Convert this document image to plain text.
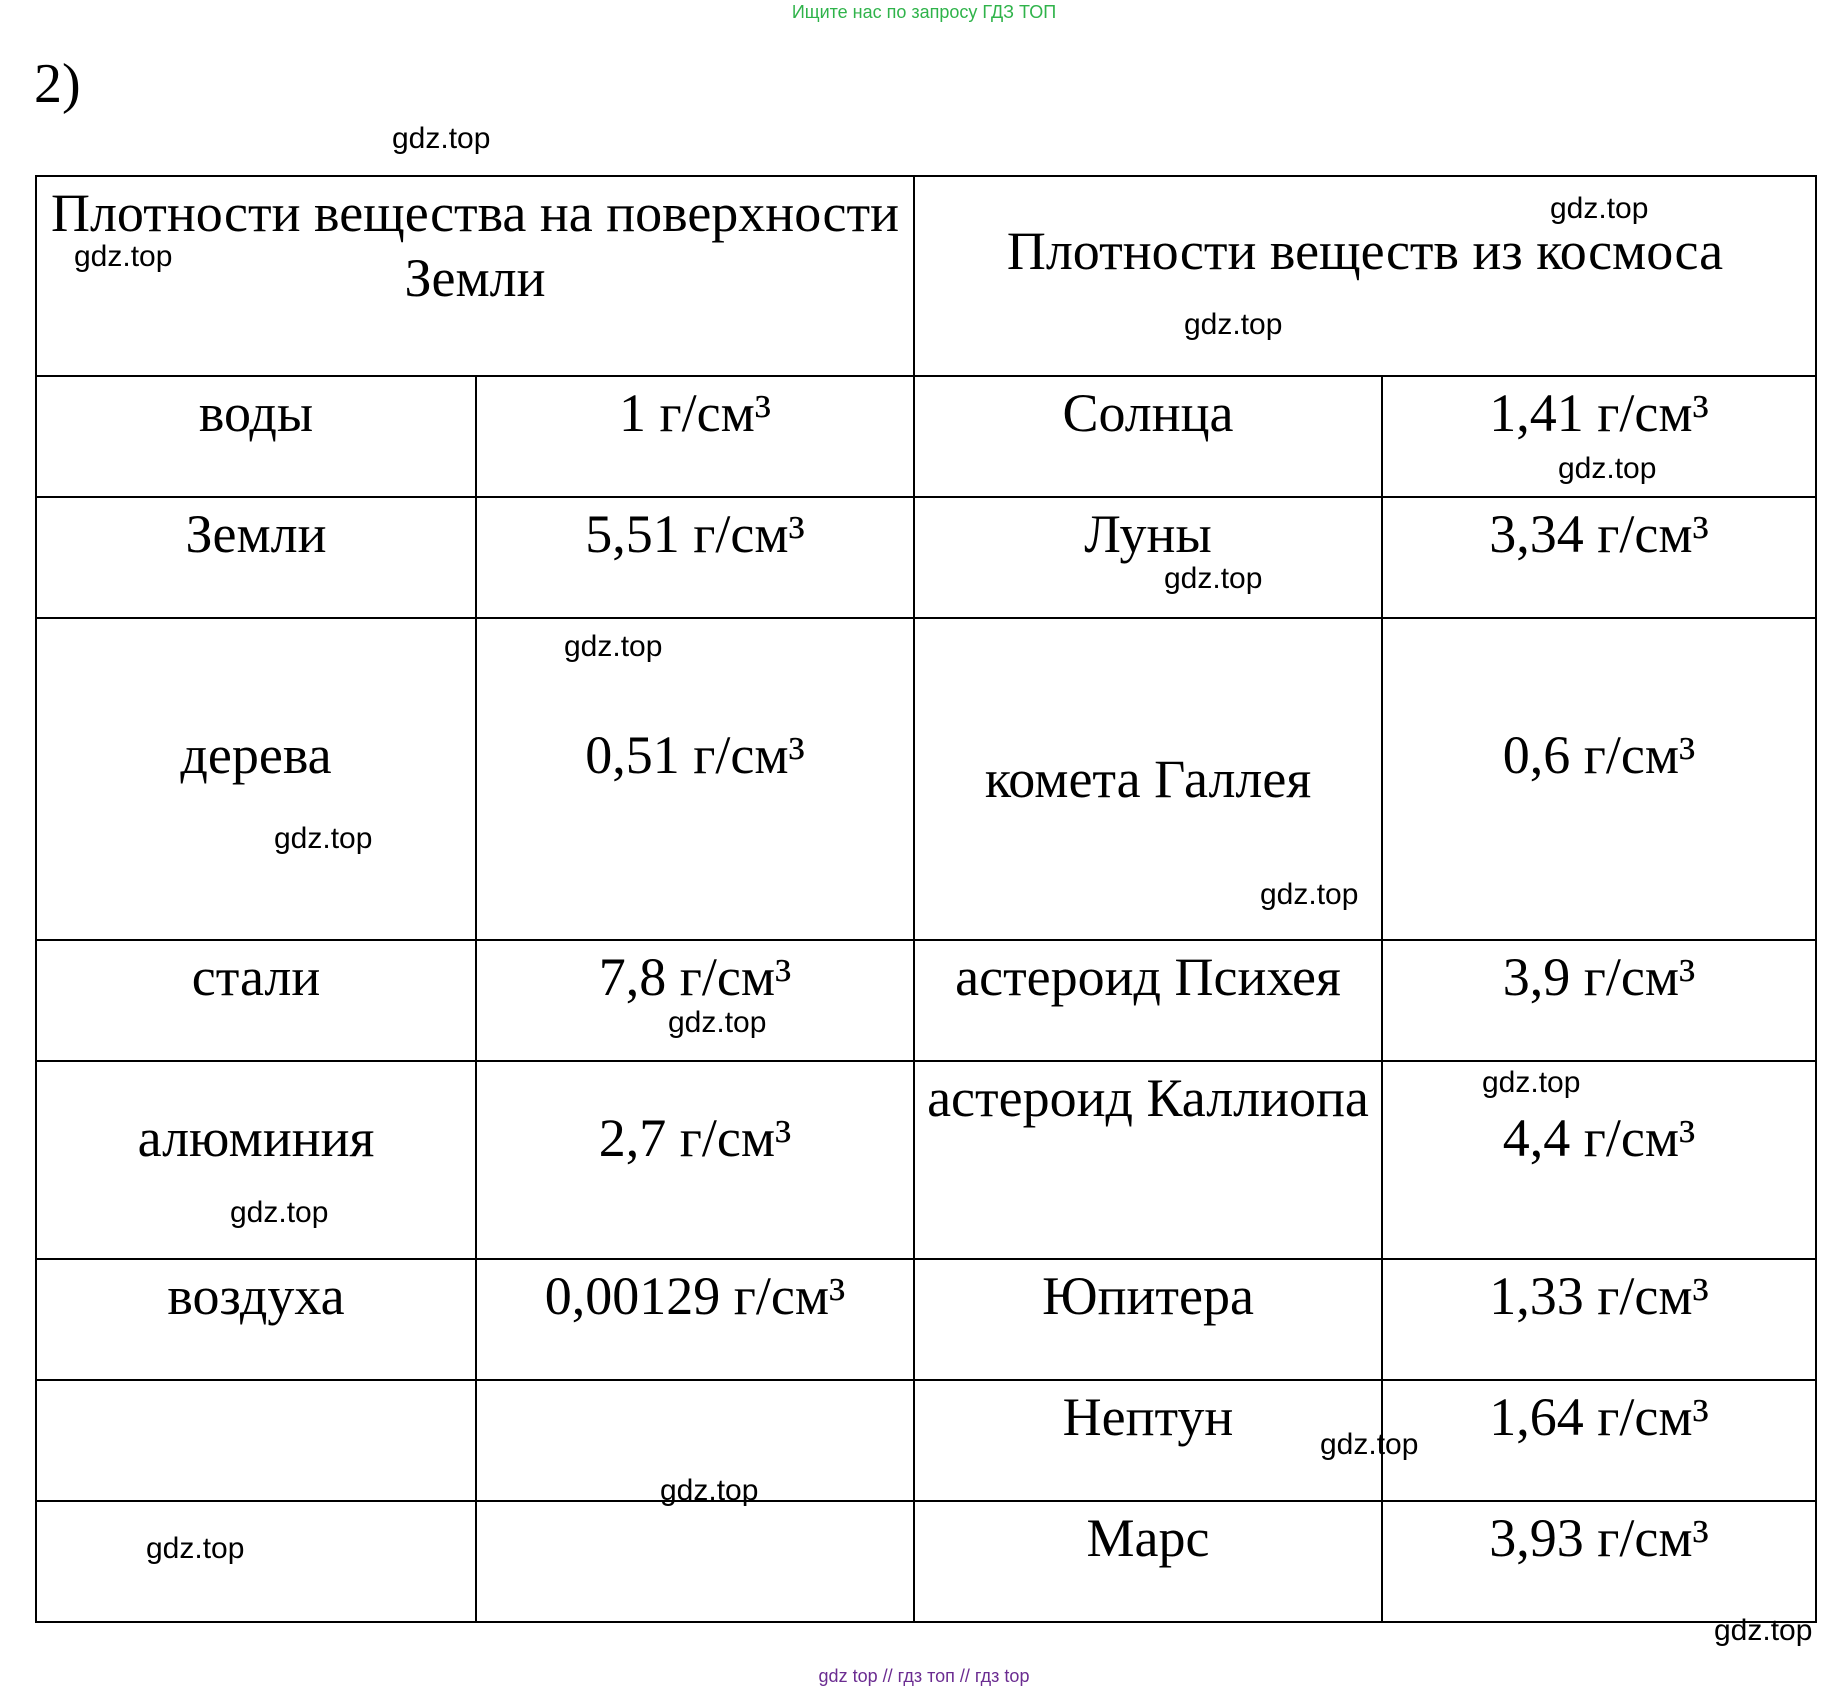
Ищите нас по запросу ГДЗ ТОП
2)
Плотности вещества на поверхности Земли		Плотности веществ из космоса	

воды	1 г/см³	Солнца	1,41 г/см³

Земли	5,51 г/см³	Луны	3,34 г/см³

дерева	0,51 г/см³	комета Галлея	0,6 г/см³

стали	7,8 г/см³	астероид Психея	3,9 г/см³

алюминия	2,7 г/см³	астероид Каллиопа	4,4 г/см³

воздуха	0,00129 г/см³	Юпитера	1,33 г/см³

		Нептун	1,64 г/см³

		Марс	3,93 г/см³
gdz.top
gdz.top
gdz.top
gdz.top
gdz.top
gdz.top
gdz.top
gdz.top
gdz.top
gdz.top
gdz.top
gdz.top
gdz.top
gdz.top
gdz.top
gdz.top
gdz top // гдз топ // гдз top
